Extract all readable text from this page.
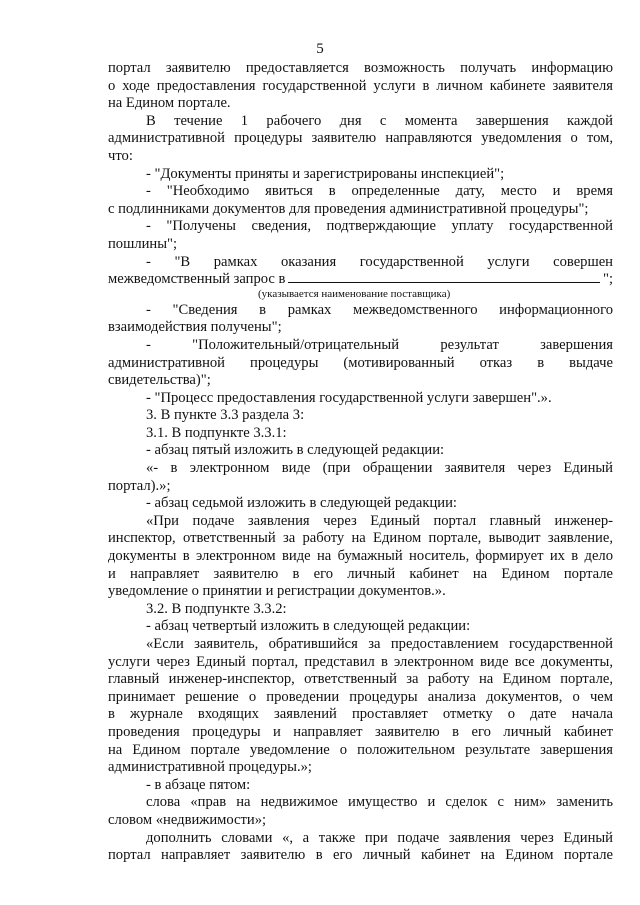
5
портал заявителю предоставляется возможность получать информацию
о ходе предоставления государственной услуги в личном кабинете заявителя
на Едином портале.
В течение 1 рабочего дня с момента завершения каждой
административной процедуры заявителю направляются уведомления о том,
что:
- "Документы приняты и зарегистрированы инспекцией";
- "Необходимо явиться в определенные дату, место и время
с подлинниками документов для проведения административной процедуры";
- "Получены сведения, подтверждающие уплату государственной
пошлины";
- "В рамках оказания государственной услуги совершен
межведомственный запрос в	";
(указывается наименование поставщика)
- "Сведения в рамках межведомственного информационного
взаимодействия получены";
- "Положительный/отрицательный результат завершения
административной процедуры (мотивированный отказ в выдаче
свидетельства)";
- "Процесс предоставления государственной услуги завершен".».
3. В пункте 3.3 раздела 3:
3.1. В подпункте 3.3.1:
- абзац пятый изложить в следующей редакции:
«- в электронном виде (при обращении заявителя через Единый
портал).»;
- абзац седьмой изложить в следующей редакции:
«При подаче заявления через Единый портал главный инженер-
инспектор, ответственный за работу на Едином портале, выводит заявление,
документы в электронном виде на бумажный носитель, формирует их в дело
и направляет заявителю в его личный кабинет на Едином портале
уведомление о принятии и регистрации документов.».
3.2. В подпункте 3.3.2:
- абзац четвертый изложить в следующей редакции:
«Если заявитель, обратившийся за предоставлением государственной
услуги через Единый портал, представил в электронном виде все документы,
главный инженер-инспектор, ответственный за работу на Едином портале,
принимает решение о проведении процедуры анализа документов, о чем
в журнале входящих заявлений проставляет отметку о дате начала
проведения процедуры и направляет заявителю в его личный кабинет
на Едином портале уведомление о положительном результате завершения
административной процедуры.»;
- в абзаце пятом:
слова «прав на недвижимое имущество и сделок с ним» заменить
словом «недвижимости»;
дополнить словами «, а также при подаче заявления через Единый
портал направляет заявителю в его личный кабинет на Едином портале
